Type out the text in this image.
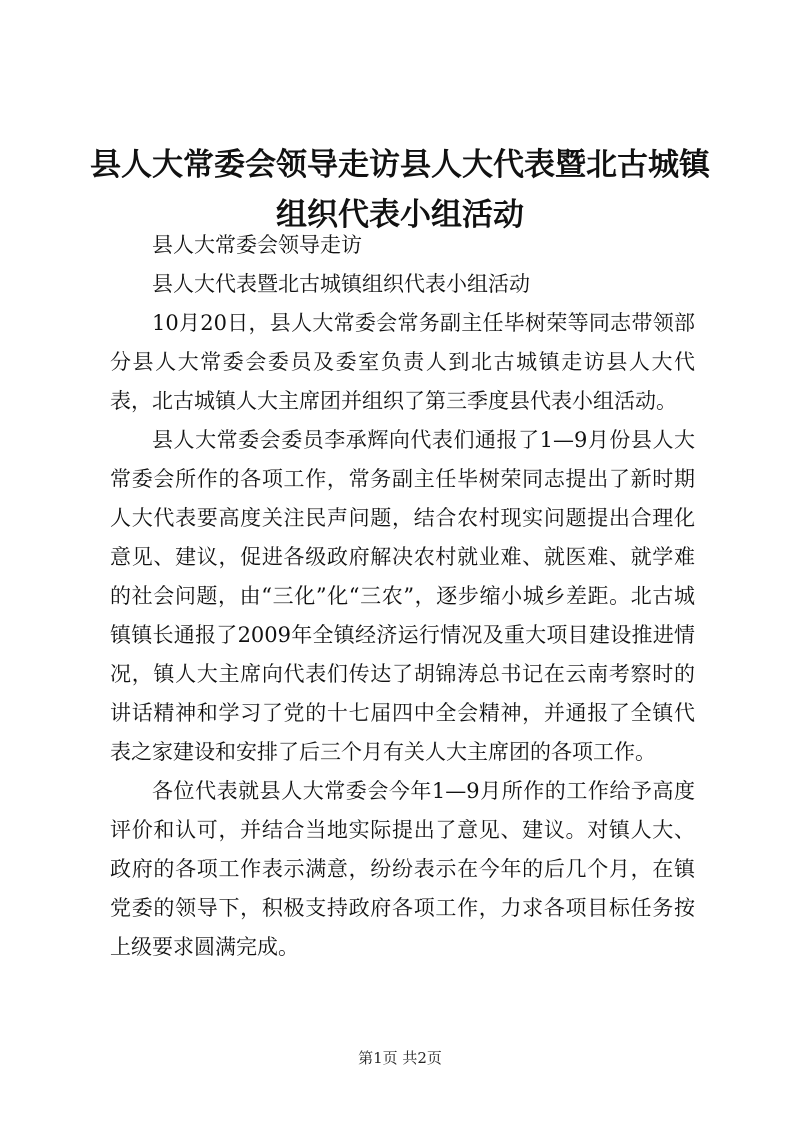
县人大常委会领导走访县人大代表暨北古城镇
组织代表小组活动

县人大常委会领导走访

县人大代表暨北古城镇组织代表小组活动

10月20日，县人大常委会常务副主任毕树荣等同志带领部分县人大常委会委员及委室负责人到北古城镇走访县人大代表，北古城镇人大主席团并组织了第三季度县代表小组活动。

县人大常委会委员李承辉向代表们通报了1—9月份县人大常委会所作的各项工作，常务副主任毕树荣同志提出了新时期人大代表要高度关注民声问题，结合农村现实问题提出合理化意见、建议，促进各级政府解决农村就业难、就医难、就学难的社会问题，由“三化”化“三农”，逐步缩小城乡差距。北古城镇镇长通报了2009年全镇经济运行情况及重大项目建设推进情况，镇人大主席向代表们传达了胡锦涛总书记在云南考察时的讲话精神和学习了党的十七届四中全会精神，并通报了全镇代表之家建设和安排了后三个月有关人大主席团的各项工作。

各位代表就县人大常委会今年1—9月所作的工作给予高度评价和认可，并结合当地实际提出了意见、建议。对镇人大、政府的各项工作表示满意，纷纷表示在今年的后几个月，在镇党委的领导下，积极支持政府各项工作，力求各项目标任务按上级要求圆满完成。

第1页 共2页
